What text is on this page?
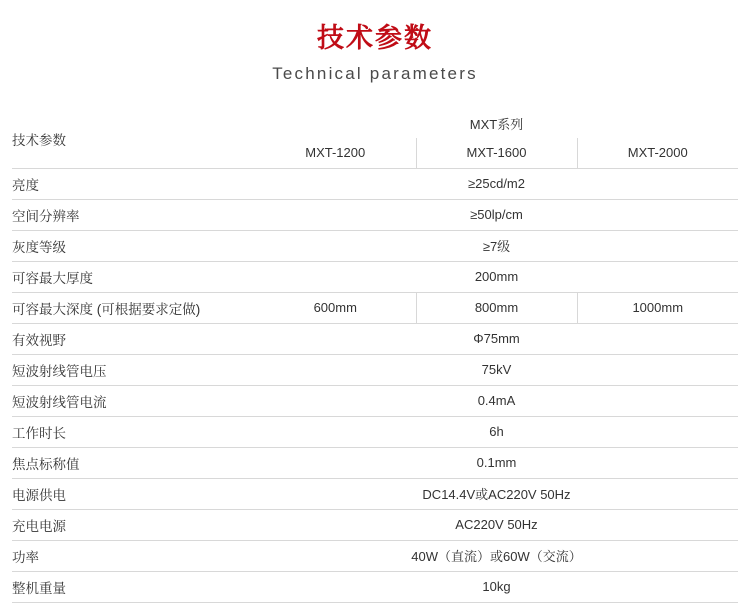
技术参数
Technical parameters
技术参数	MXT系列		
	MXT-1200	MXT-1600	MXT-2000
亮度	≥25cd/m2		
空间分辨率	≥50lp/cm		
灰度等级	≥7级		
可容最大厚度	200mm		
可容最大深度 (可根据要求定做)	600mm	800mm	1000mm
有效视野	Φ75mm		
短波射线管电压	75kV		
短波射线管电流	0.4mA		
工作时长	6h		
焦点标称值	0.1mm		
电源供电	DC14.4V或AC220V 50Hz		
充电电源	AC220V 50Hz		
功率	40W（直流）或60W（交流）		
整机重量	10kg		
